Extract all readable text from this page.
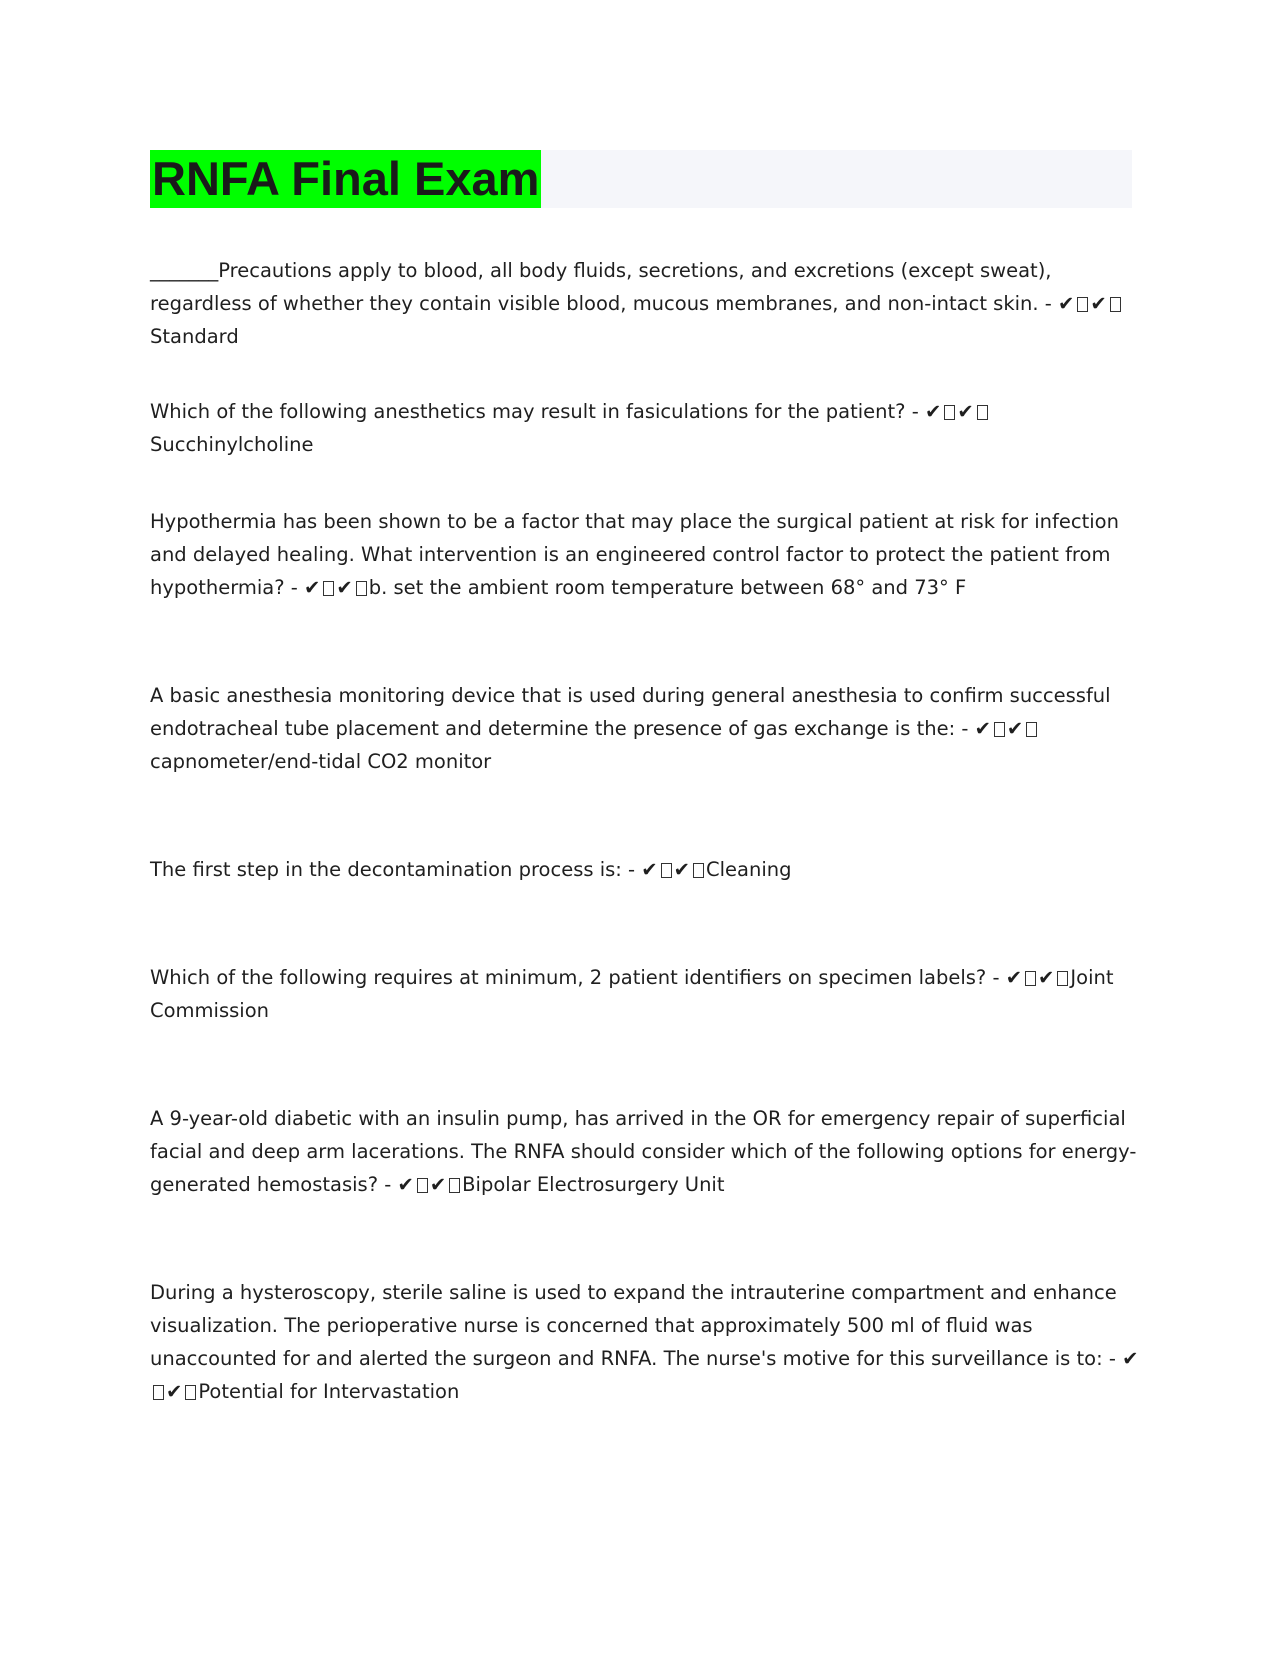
RNFA Final Exam

_______Precautions apply to blood, all body fluids, secretions, and excretions (except sweat), regardless of whether they contain visible blood, mucous membranes, and non-intact skin. - ✔ ✔Standard

Which of the following anesthetics may result in fasiculations for the patient? - ✔ ✔Succhinylcholine

Hypothermia has been shown to be a factor that may place the surgical patient at risk for infection and delayed healing. What intervention is an engineered control factor to protect the patient from hypothermia? - ✔ ✔ b. set the ambient room temperature between 68° and 73° F

A basic anesthesia monitoring device that is used during general anesthesia to confirm successful endotracheal tube placement and determine the presence of gas exchange is the: - ✔ ✔capnometer/end-tidal CO2 monitor

The first step in the decontamination process is: - ✔ ✔ Cleaning

Which of the following requires at minimum, 2 patient identifiers on specimen labels? - ✔ ✔ Joint Commission

A 9-year-old diabetic with an insulin pump, has arrived in the OR for emergency repair of superficial facial and deep arm lacerations. The RNFA should consider which of the following options for energy-generated hemostasis? - ✔ ✔ Bipolar Electrosurgery Unit

During a hysteroscopy, sterile saline is used to expand the intrauterine compartment and enhance visualization. The perioperative nurse is concerned that approximately 500 ml of fluid was unaccounted for and alerted the surgeon and RNFA. The nurse's motive for this surveillance is to: - ✔✔ Potential for Intervastation
